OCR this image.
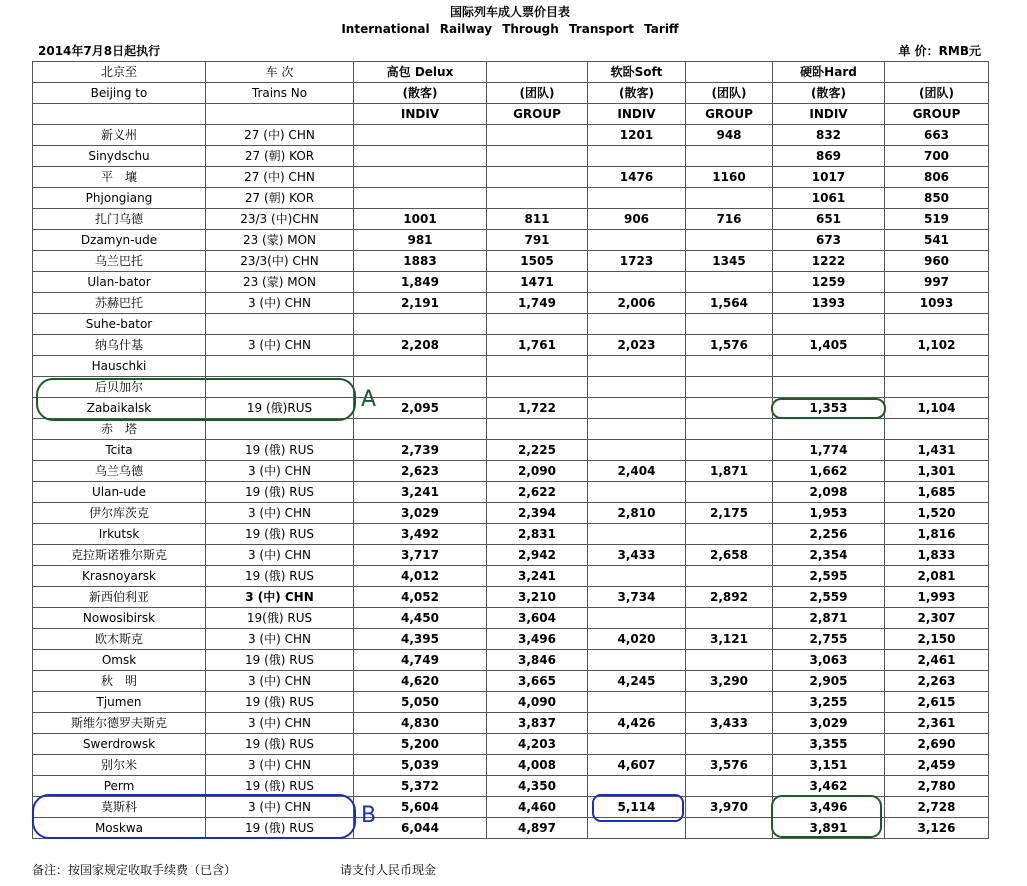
国际列车成人票价目表
International Railway Through Transport Tariff
2014年7月8日起执行	单 价：RMB元
北京至	车 次	高包 Delux		软卧Soft		硬卧Hard	
Beijing to	Trains No	(散客)	(团队)	(散客)	(团队)	(散客)	(团队)
		INDIV	GROUP	INDIV	GROUP	INDIV	GROUP
新义州	27 (中) CHN			1201	948	832	663
Sinydschu	27 (朝) KOR					869	700
平　壤	27 (中) CHN			1476	1160	1017	806
Phjongiang	27 (朝) KOR					1061	850
扎门乌德	23/3 (中)CHN	1001	811	906	716	651	519
Dzamyn-ude	23 (蒙) MON	981	791			673	541
乌兰巴托	23/3(中) CHN	1883	1505	1723	1345	1222	960
Ulan-bator	23 (蒙) MON	1,849	1471			1259	997
苏赫巴托	3 (中) CHN	2,191	1,749	2,006	1,564	1393	1093
Suhe-bator							
纳乌什基	3 (中) CHN	2,208	1,761	2,023	1,576	1,405	1,102
Hauschki							
后贝加尔							
Zabaikalsk	19 (俄)RUS	2,095	1,722			1,353	1,104
赤　塔							
Tcita	19 (俄) RUS	2,739	2,225			1,774	1,431
乌兰乌德	3 (中) CHN	2,623	2,090	2,404	1,871	1,662	1,301
Ulan-ude	19 (俄) RUS	3,241	2,622			2,098	1,685
伊尔库茨克	3 (中) CHN	3,029	2,394	2,810	2,175	1,953	1,520
Irkutsk	19 (俄) RUS	3,492	2,831			2,256	1,816
克拉斯诺雅尔斯克	3 (中) CHN	3,717	2,942	3,433	2,658	2,354	1,833
Krasnoyarsk	19 (俄) RUS	4,012	3,241			2,595	2,081
新西伯利亚	3 (中) CHN	4,052	3,210	3,734	2,892	2,559	1,993
Nowosibirsk	19(俄) RUS	4,450	3,604			2,871	2,307
欧木斯克	3 (中) CHN	4,395	3,496	4,020	3,121	2,755	2,150
Omsk	19 (俄) RUS	4,749	3,846			3,063	2,461
秋　明	3 (中) CHN	4,620	3,665	4,245	3,290	2,905	2,263
Tjumen	19 (俄) RUS	5,050	4,090			3,255	2,615
斯维尔德罗夫斯克	3 (中) CHN	4,830	3,837	4,426	3,433	3,029	2,361
Swerdrowsk	19 (俄) RUS	5,200	4,203			3,355	2,690
别尔米	3 (中) CHN	5,039	4,008	4,607	3,576	3,151	2,459
Perm	19 (俄) RUS	5,372	4,350			3,462	2,780
莫斯科	3 (中) CHN	5,604	4,460	5,114	3,970	3,496	2,728
Moskwa	19 (俄) RUS	6,044	4,897			3,891	3,126
A
B
备注：按国家规定收取手续费（已含）	请支付人民币现金
